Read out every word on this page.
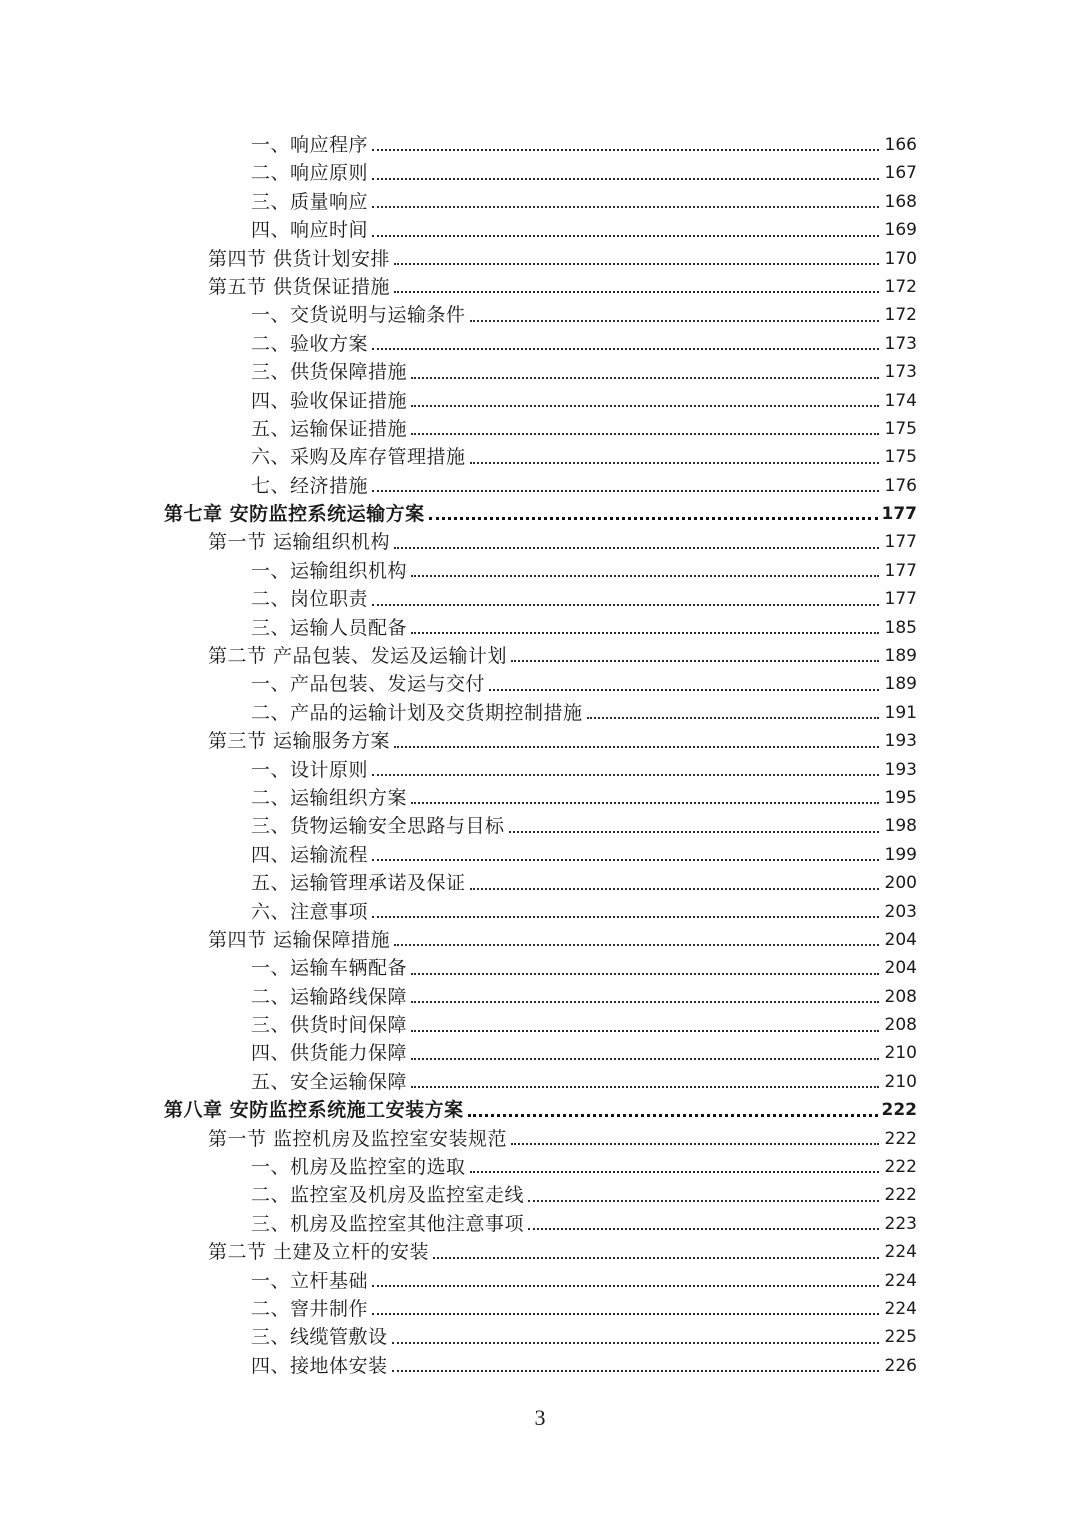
一、响应程序	166
二、响应原则	167
三、质量响应	168
四、响应时间	169
第四节 供货计划安排	170
第五节 供货保证措施	172
一、交货说明与运输条件	172
二、验收方案	173
三、供货保障措施	173
四、验收保证措施	174
五、运输保证措施	175
六、采购及库存管理措施	175
七、经济措施	176
第七章 安防监控系统运输方案	177
第一节 运输组织机构	177
一、运输组织机构	177
二、岗位职责	177
三、运输人员配备	185
第二节 产品包装、发运及运输计划	189
一、产品包装、发运与交付	189
二、产品的运输计划及交货期控制措施	191
第三节 运输服务方案	193
一、设计原则	193
二、运输组织方案	195
三、货物运输安全思路与目标	198
四、运输流程	199
五、运输管理承诺及保证	200
六、注意事项	203
第四节 运输保障措施	204
一、运输车辆配备	204
二、运输路线保障	208
三、供货时间保障	208
四、供货能力保障	210
五、安全运输保障	210
第八章 安防监控系统施工安装方案	222
第一节 监控机房及监控室安装规范	222
一、机房及监控室的选取	222
二、监控室及机房及监控室走线	222
三、机房及监控室其他注意事项	223
第二节 土建及立杆的安装	224
一、立杆基础	224
二、窨井制作	224
三、线缆管敷设	225
四、接地体安装	226
3
